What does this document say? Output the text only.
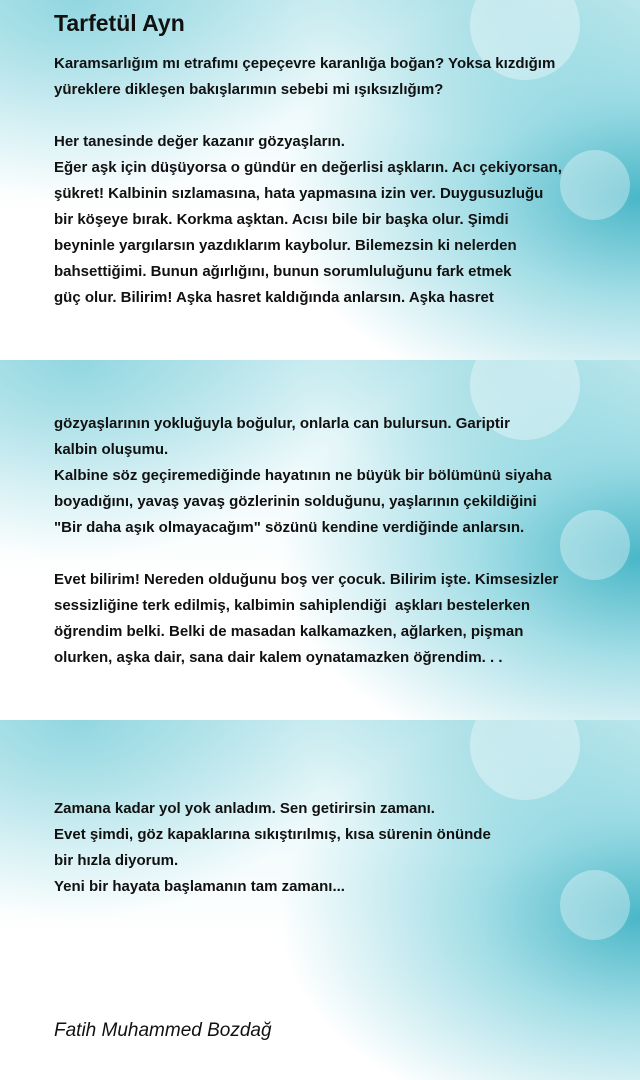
Tarfetül Ayn
Karamsarlığım mı etrafımı çepeçevre karanlığa boğan? Yoksa kızdığım
yüreklere dikleşen bakışlarımın sebebi mi ışıksızlığım?
Her tanesinde değer kazanır gözyaşların.
Eğer aşk için düşüyorsa o gündür en değerlisi aşkların. Acı çekiyorsan,
şükret! Kalbinin sızlamasına, hata yapmasına izin ver. Duygusuzluğu
bir köşeye bırak. Korkma aşktan. Acısı bile bir başka olur. Şimdi
beyninle yargılarsın yazdıklarım kaybolur. Bilemezsin ki nelerden
bahsettiğimi. Bunun ağırlığını, bunun sorumluluğunu fark etmek
güç olur. Bilirim! Aşka hasret kaldığında anlarsın. Aşka hasret
gözyaşlarının yokluğuyla boğulur, onlarla can bulursun. Gariptir
kalbin oluşumu.
Kalbine söz geçiremediğinde hayatının ne büyük bir bölümünü siyaha
boyadığını, yavaş yavaş gözlerinin solduğunu, yaşlarının çekildiğini
"Bir daha aşık olmayacağım" sözünü kendine verdiğinde anlarsın.
Evet bilirim! Nereden olduğunu boş ver çocuk. Bilirim işte. Kimsesizler
sessizliğine terk edilmiş, kalbimin sahiplendiği  aşkları bestelerken
öğrendim belki. Belki de masadan kalkamazken, ağlarken, pişman
olurken, aşka dair, sana dair kalem oynatamazken öğrendim. . .
Zamana kadar yol yok anladım. Sen getirirsin zamanı.
Evet şimdi, göz kapaklarına sıkıştırılmış, kısa sürenin önünde
bir hızla diyorum.
Yeni bir hayata başlamanın tam zamanı...
Fatih Muhammed Bozdağ
